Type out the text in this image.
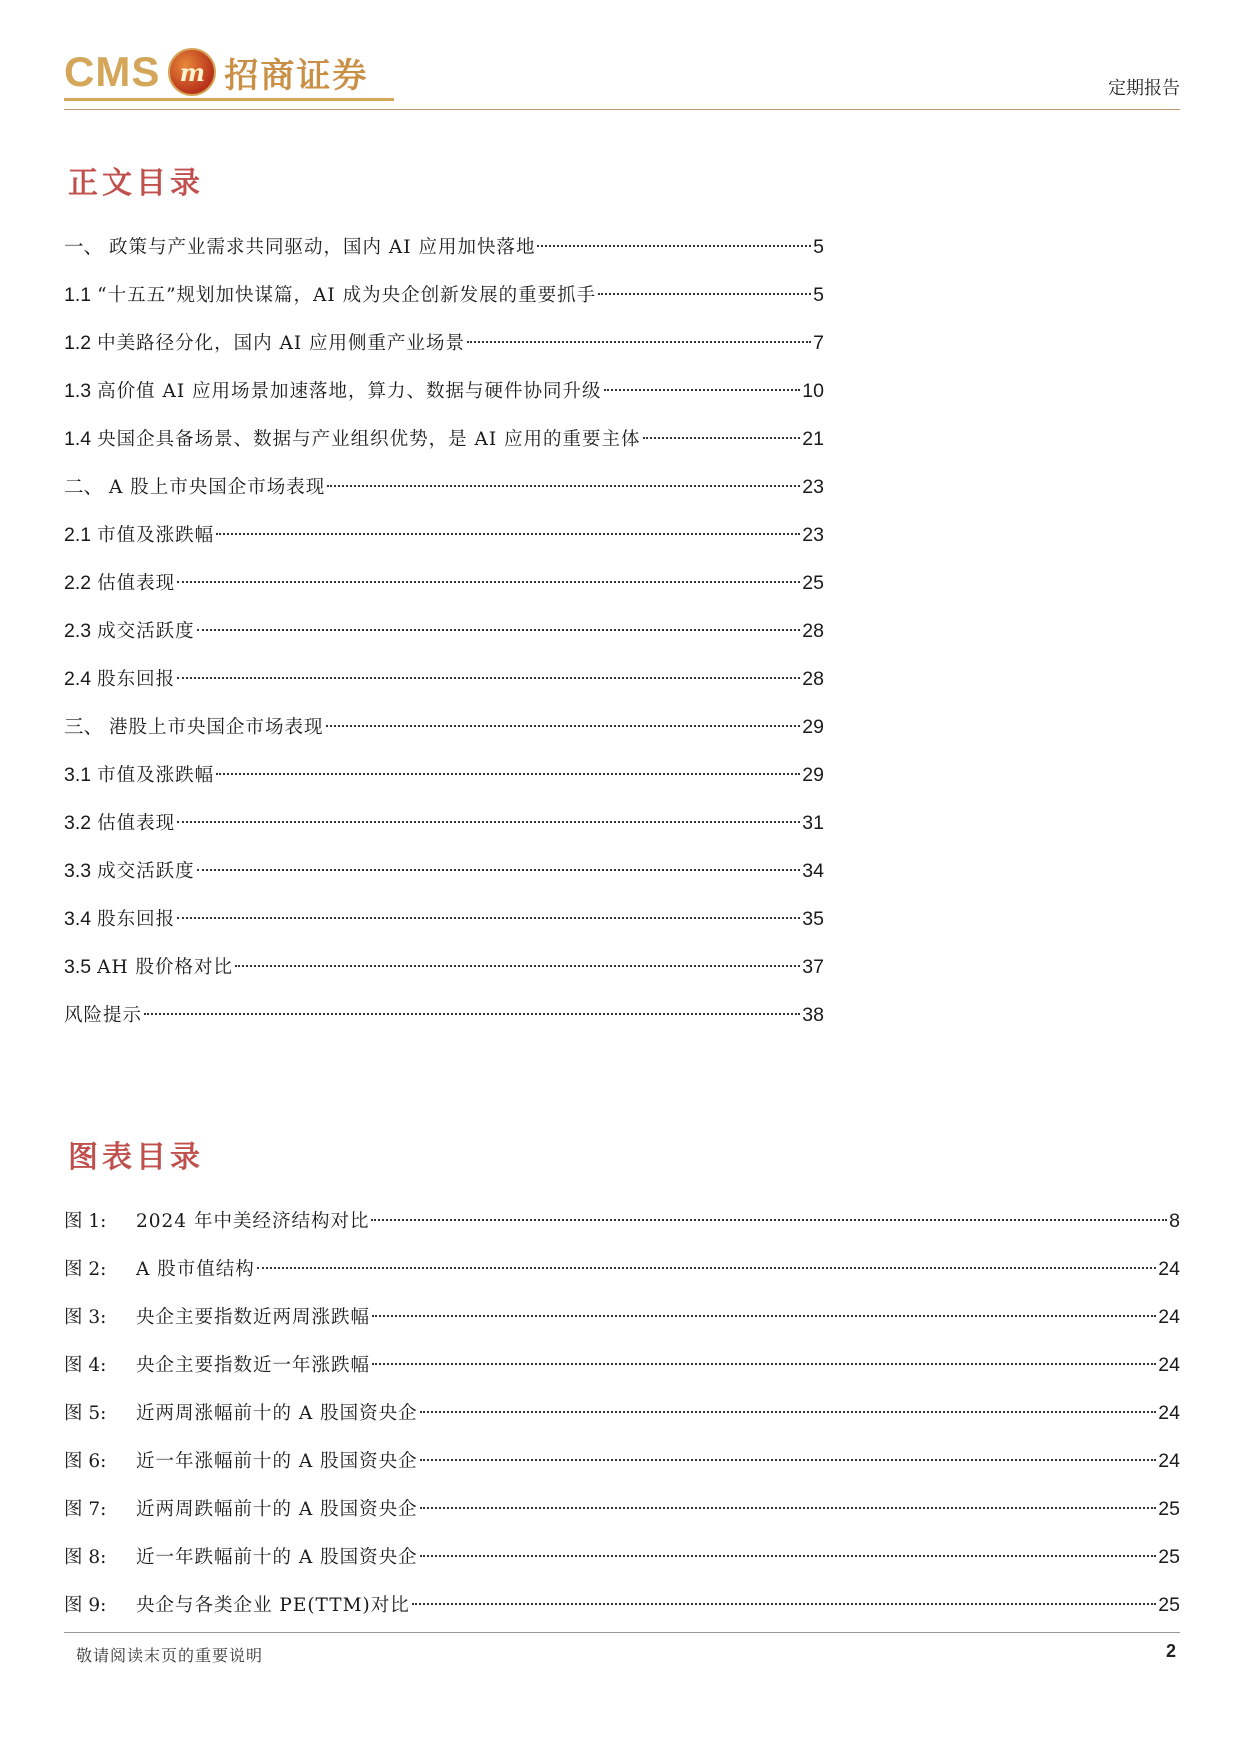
CMS m 招商证券	定期报告
正文目录
一、 政策与产业需求共同驱动，国内 AI 应用加快落地	5
1.1 “十五五”规划加快谋篇，AI 成为央企创新发展的重要抓手	5
1.2 中美路径分化，国内 AI 应用侧重产业场景	7
1.3 高价值 AI 应用场景加速落地，算力、数据与硬件协同升级	10
1.4 央国企具备场景、数据与产业组织优势，是 AI 应用的重要主体	21
二、 A 股上市央国企市场表现	23
2.1 市值及涨跌幅	23
2.2 估值表现	25
2.3 成交活跃度	28
2.4 股东回报	28
三、 港股上市央国企市场表现	29
3.1 市值及涨跌幅	29
3.2 估值表现	31
3.3 成交活跃度	34
3.4 股东回报	35
3.5 AH 股价格对比	37
风险提示	38
图表目录
图 1:	2024 年中美经济结构对比	8
图 2:	A 股市值结构	24
图 3:	央企主要指数近两周涨跌幅	24
图 4:	央企主要指数近一年涨跌幅	24
图 5:	近两周涨幅前十的 A 股国资央企	24
图 6:	近一年涨幅前十的 A 股国资央企	24
图 7:	近两周跌幅前十的 A 股国资央企	25
图 8:	近一年跌幅前十的 A 股国资央企	25
图 9:	央企与各类企业 PE(TTM)对比	25
敬请阅读末页的重要说明	2
